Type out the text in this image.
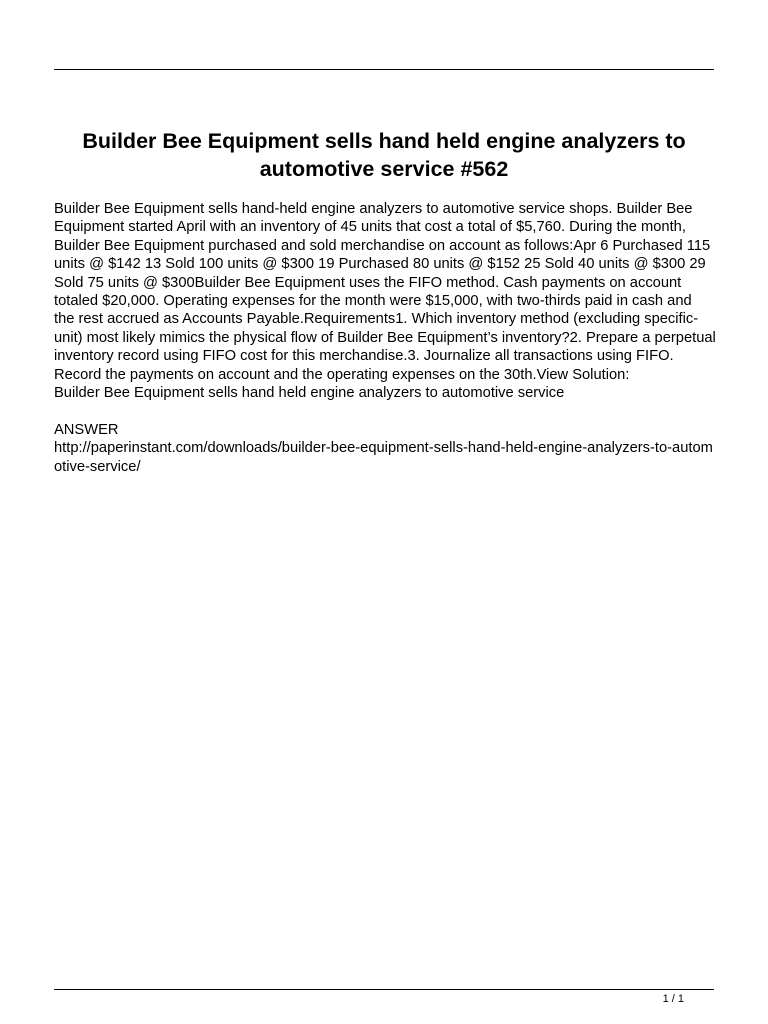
Builder Bee Equipment sells hand held engine analyzers to automotive service #562

Builder Bee Equipment sells hand-held engine analyzers to automotive service shops. Builder Bee Equipment started April with an inventory of 45 units that cost a total of $5,760. During the month, Builder Bee Equipment purchased and sold merchandise on account as follows:Apr 6 Purchased 115 units @ $142 13 Sold 100 units @ $300 19 Purchased 80 units @ $152 25 Sold 40 units @ $300 29 Sold 75 units @ $300Builder Bee Equipment uses the FIFO method. Cash payments on account totaled $20,000. Operating expenses for the month were $15,000, with two-thirds paid in cash and the rest accrued as Accounts Payable.Requirements1. Which inventory method (excluding specific-unit) most likely mimics the physical flow of Builder Bee Equipment’s inventory?2. Prepare a perpetual inventory record using FIFO cost for this merchandise.3. Journalize all transactions using FIFO. Record the payments on account and the operating expenses on the 30th.View Solution:

Builder Bee Equipment sells hand held engine analyzers to automotive service

ANSWER

http://paperinstant.com/downloads/builder-bee-equipment-sells-hand-held-engine-analyzers-to-automotive-service/

1 / 1
